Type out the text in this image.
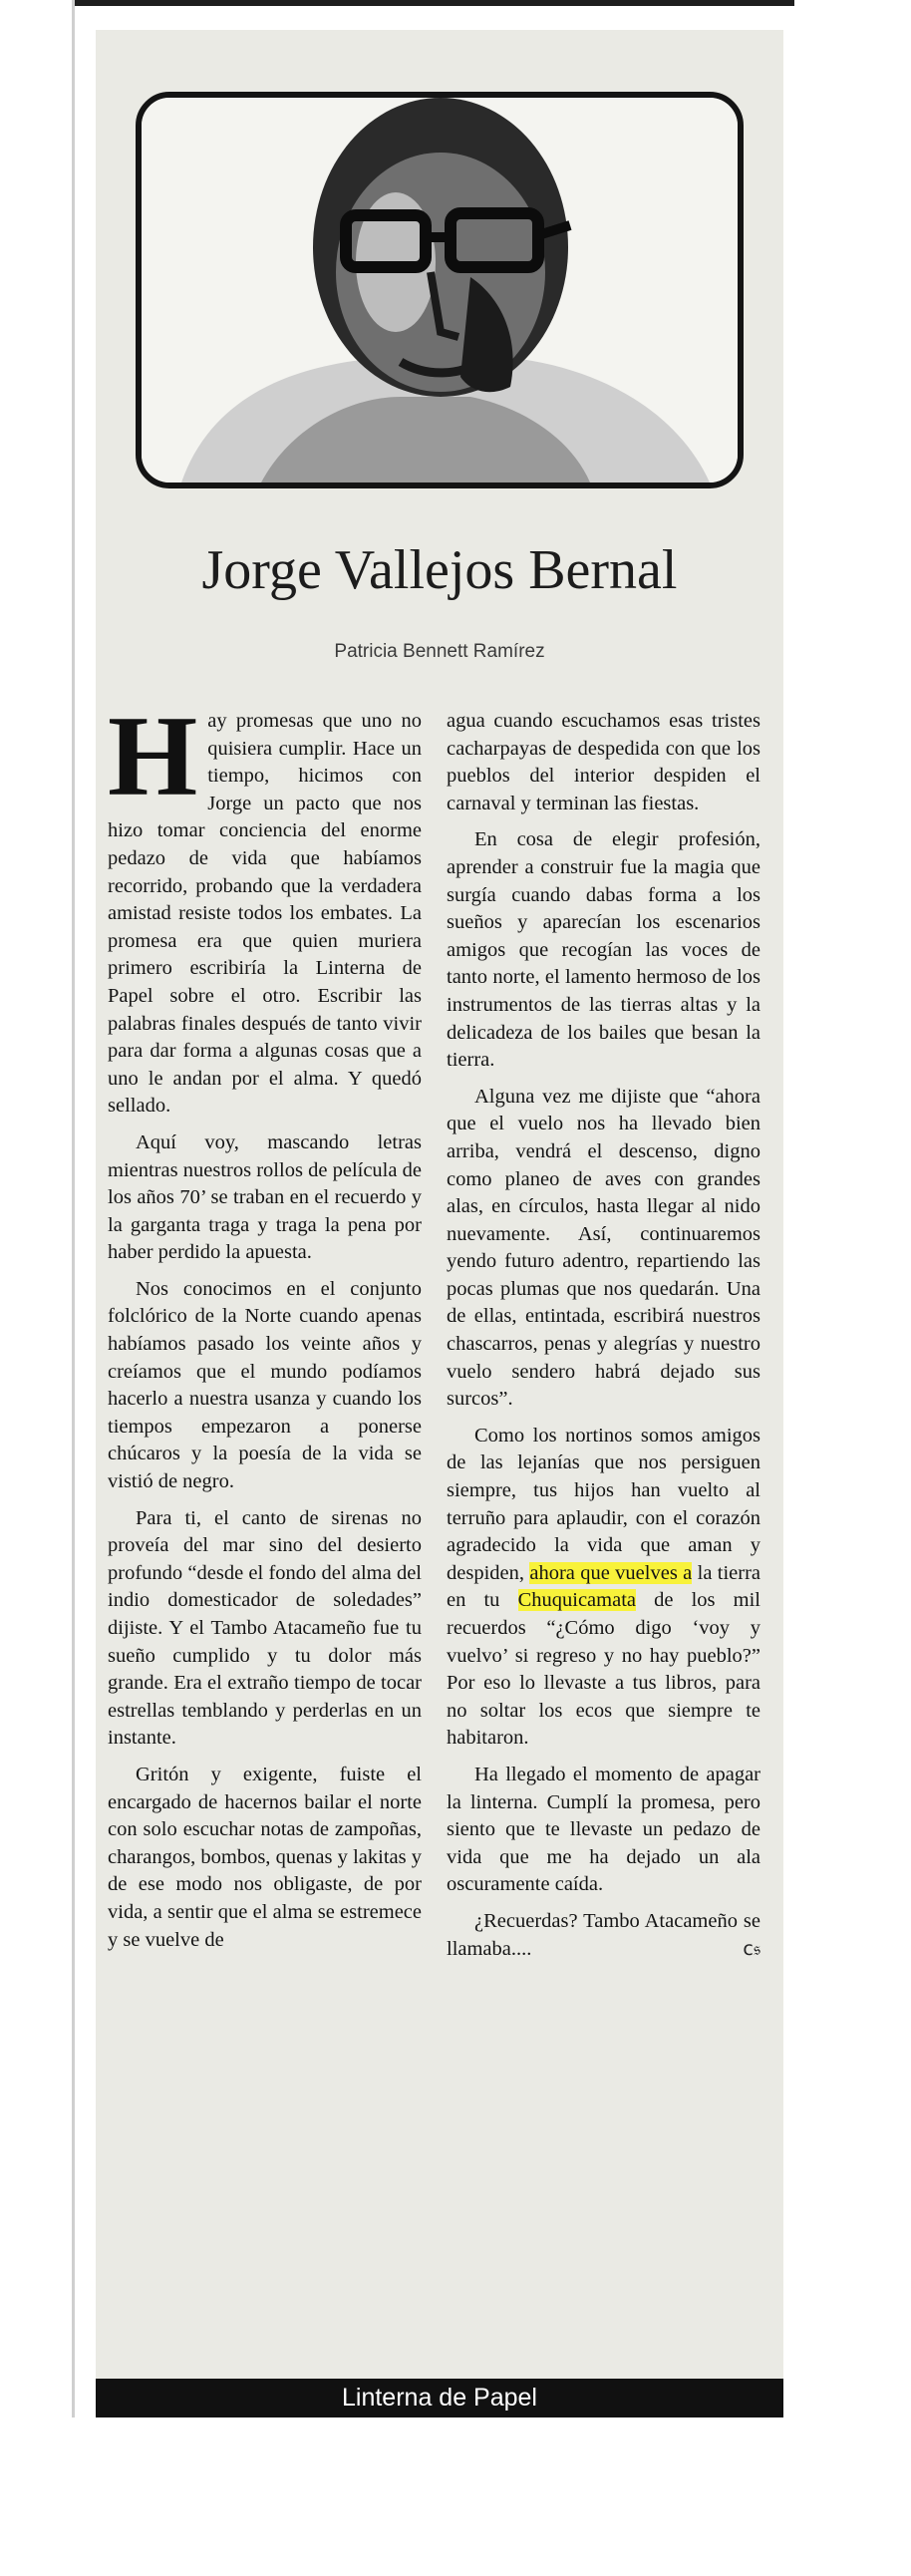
Jorge Vallejos Bernal
Patricia Bennett Ramírez

Hay promesas que uno no quisiera cumplir. Hace un tiempo, hicimos con Jorge un pacto que nos hizo tomar conciencia del enorme pedazo de vida que habíamos recorrido, probando que la verdadera amistad resiste todos los embates. La promesa era que quien muriera primero escribiría la Linterna de Papel sobre el otro. Escribir las palabras finales después de tanto vivir para dar forma a algunas cosas que a uno le andan por el alma. Y quedó sellado.

Aquí voy, mascando letras mientras nuestros rollos de película de los años 70’ se traban en el recuerdo y la garganta traga y traga la pena por haber perdido la apuesta.

Nos conocimos en el conjunto folclórico de la Norte cuando apenas habíamos pasado los veinte años y creíamos que el mundo podíamos hacerlo a nuestra usanza y cuando los tiempos empezaron a ponerse chúcaros y la poesía de la vida se vistió de negro.

Para ti, el canto de sirenas no proveía del mar sino del desierto profundo “desde el fondo del alma del indio domesticador de soledades” dijiste. Y el Tambo Atacameño fue tu sueño cumplido y tu dolor más grande. Era el extraño tiempo de tocar estrellas temblando y perderlas en un instante.

Gritón y exigente, fuiste el encargado de hacernos bailar el norte con solo escuchar notas de zampoñas, charangos, bombos, quenas y lakitas y de ese modo nos obligaste, de por vida, a sentir que el alma se estremece y se vuelve de

agua cuando escuchamos esas tristes cacharpayas de despedida con que los pueblos del interior despiden el carnaval y terminan las fiestas.

En cosa de elegir profesión, aprender a construir fue la magia que surgía cuando dabas forma a los sueños y aparecían los escenarios amigos que recogían las voces de tanto norte, el lamento hermoso de los instrumentos de las tierras altas y la delicadeza de los bailes que besan la tierra.

Alguna vez me dijiste que “ahora que el vuelo nos ha llevado bien arriba, vendrá el descenso, digno como planeo de aves con grandes alas, en círculos, hasta llegar al nido nuevamente. Así, continuaremos yendo futuro adentro, repartiendo las pocas plumas que nos quedarán. Una de ellas, entintada, escribirá nuestros chascarros, penas y alegrías y nuestro vuelo sendero habrá dejado sus surcos”.

Como los nortinos somos amigos de las lejanías que nos persiguen siempre, tus hijos han vuelto al terruño para aplaudir, con el corazón agradecido la vida que aman y despiden, ahora que vuelves a la tierra en tu Chuquicamata de los mil recuerdos “¿Cómo digo ‘voy y vuelvo’ si regreso y no hay pueblo?” Por eso lo llevaste a tus libros, para no soltar los ecos que siempre te habitaron.

Ha llegado el momento de apagar la linterna. Cumplí la promesa, pero siento que te llevaste un pedazo de vida que me ha dejado un ala oscuramente caída.

¿Recuerdas? Tambo Atacameño se llamaba....	ⅽ𝔰

Linterna de Papel
